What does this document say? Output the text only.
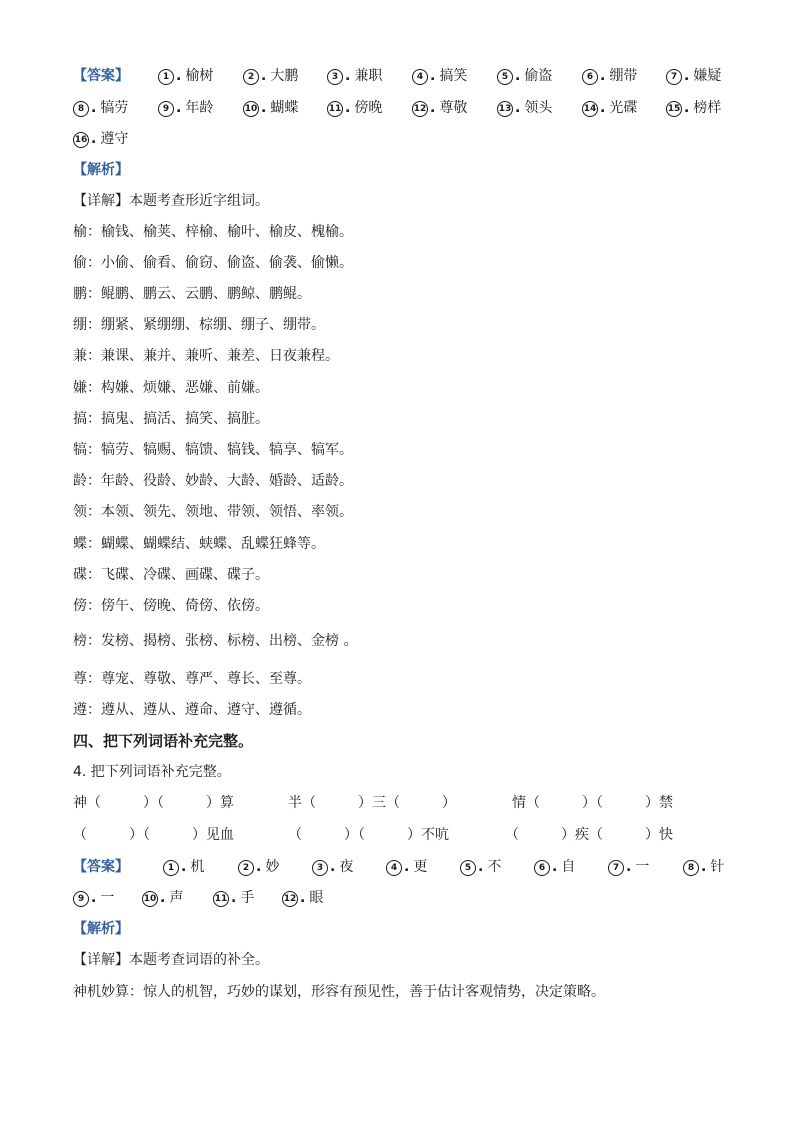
【答案】	1 . 榆树	2 . 大鹏	3 . 兼职	4 . 搞笑	5 . 偷盗	6 . 绷带	7 . 嫌疑
8 . 犒劳	9 . 年龄	10 . 蝴蝶	11 . 傍晚	12 . 尊敬	13 . 领头	14 . 光碟	15 . 榜样
16 . 遵守
【解析】
【详解】本题考查形近字组词。
榆：榆钱、榆荚、梓榆、榆叶、榆皮、槐榆。
偷：小偷、偷看、偷窃、偷盗、偷袭、偷懒。
鹏：鲲鹏、鹏云、云鹏、鹏鲸、鹏鲲。
绷：绷紧、紧绷绷、棕绷、绷子、绷带。
兼：兼课、兼并、兼听、兼差、日夜兼程。
嫌：构嫌、烦嫌、恶嫌、前嫌。
搞：搞鬼、搞活、搞笑、搞脏。
犒：犒劳、犒赐、犒馈、犒钱、犒享、犒军。
龄：年龄、役龄、妙龄、大龄、婚龄、适龄。
领：本领、领先、领地、带领、领悟、率领。
蝶：蝴蝶、蝴蝶结、蛱蝶、乱蝶狂蜂等。
碟：飞碟、冷碟、画碟、碟子。
傍：傍午、傍晚、倚傍、依傍。
榜：发榜、揭榜、张榜、标榜、出榜、金榜 。
尊：尊宠、尊敬、尊严、尊长、至尊。
遵：遵从、遵从、遵命、遵守、遵循。
四、把下列词语补充完整。
4. 把下列词语补充完整。
神（　　　）（　　　）算	半（　　　）三（　　　）	情（　　　）（　　　）禁
（　　　）（　　　）见血	（　　　）（　　　）不吭	（　　　）疾（　　　）快
【答案】	1 . 机	2 . 妙	3 . 夜	4 . 更	5 . 不	6 . 自	7 . 一	8 . 针
9 . 一	10 . 声	11 . 手	12 . 眼
【解析】
【详解】本题考查词语的补全。
神机妙算：惊人的机智，巧妙的谋划，形容有预见性，善于估计客观情势，决定策略。
